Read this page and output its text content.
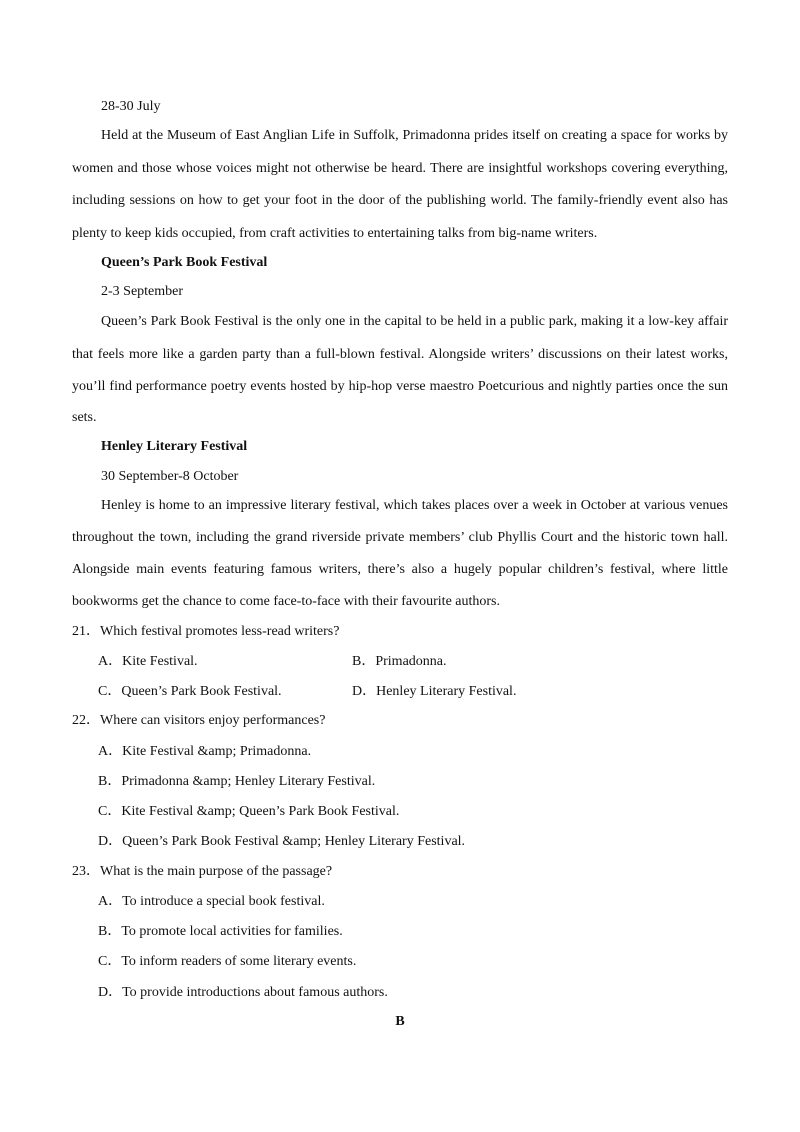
28-30 July
Held at the Museum of East Anglian Life in Suffolk, Primadonna prides itself on creating a space for works by
women and those whose voices might not otherwise be heard. There are insightful workshops covering everything,
including sessions on how to get your foot in the door of the publishing world. The family-friendly event also has
plenty to keep kids occupied, from craft activities to entertaining talks from big-name writers.
Queen’s Park Book Festival
2-3 September
Queen’s Park Book Festival is the only one in the capital to be held in a public park, making it a low-key affair
that feels more like a garden party than a full-blown festival. Alongside writers’ discussions on their latest works,
you’ll find performance poetry events hosted by hip-hop verse maestro Poetcurious and nightly parties once the sun
sets.
Henley Literary Festival
30 September-8 October
Henley is home to an impressive literary festival, which takes places over a week in October at various venues
throughout the town, including the grand riverside private members’ club Phyllis Court and the historic town hall.
Alongside main events featuring famous writers, there’s also a hugely popular children’s festival, where little
bookworms get the chance to come face-to-face with their favourite authors.
21．Which festival promotes less-read writers?
A．Kite Festival.	B．Primadonna.
C．Queen’s Park Book Festival.	D．Henley Literary Festival.
22．Where can visitors enjoy performances?
A．Kite Festival &amp; Primadonna.
B．Primadonna &amp; Henley Literary Festival.
C．Kite Festival &amp; Queen’s Park Book Festival.
D．Queen’s Park Book Festival &amp; Henley Literary Festival.
23．What is the main purpose of the passage?
A．To introduce a special book festival.
B．To promote local activities for families.
C．To inform readers of some literary events.
D．To provide introductions about famous authors.
B
